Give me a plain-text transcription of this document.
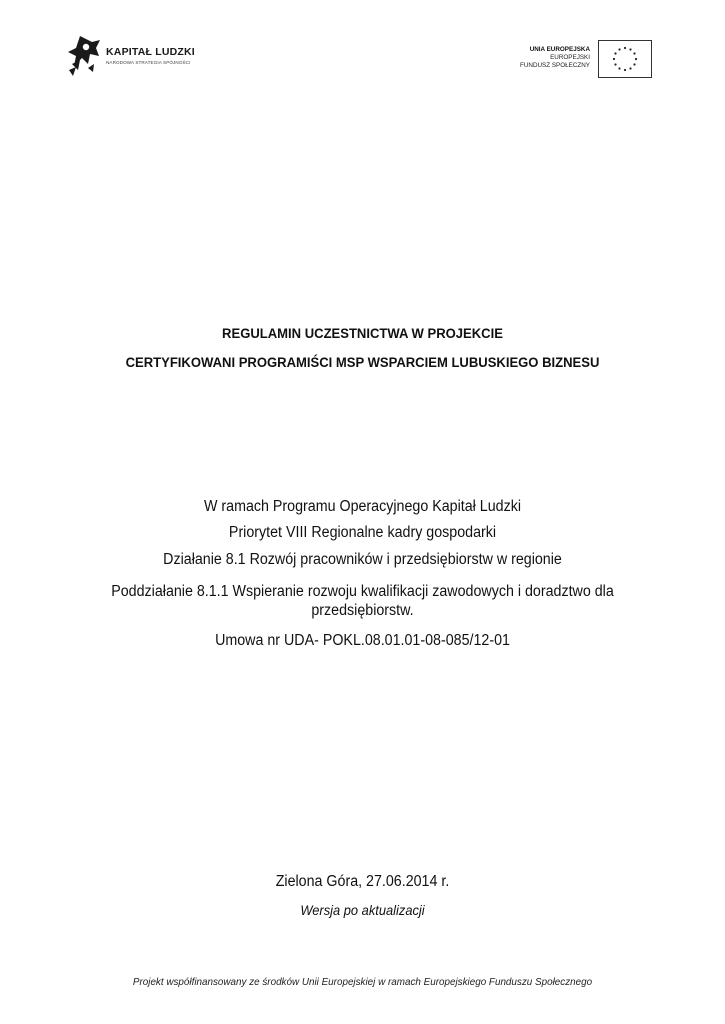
KAPITAŁ LUDZKI
NARODOWA STRATEGIA SPÓJNOŚCI
UNIA EUROPEJSKA
EUROPEJSKI
FUNDUSZ SPOŁECZNY
REGULAMIN UCZESTNICTWA W PROJEKCIE
CERTYFIKOWANI PROGRAMIŚCI MSP WSPARCIEM LUBUSKIEGO BIZNESU
W ramach Programu Operacyjnego Kapitał Ludzki
Priorytet VIII Regionalne kadry gospodarki
Działanie 8.1 Rozwój pracowników i przedsiębiorstw w regionie
Poddziałanie 8.1.1 Wspieranie rozwoju kwalifikacji zawodowych i doradztwo dla przedsiębiorstw.
Umowa nr UDA- POKL.08.01.01-08-085/12-01
Zielona Góra, 27.06.2014 r.
Wersja po aktualizacji
Projekt współfinansowany ze środków Unii Europejskiej w ramach Europejskiego Funduszu Społecznego
